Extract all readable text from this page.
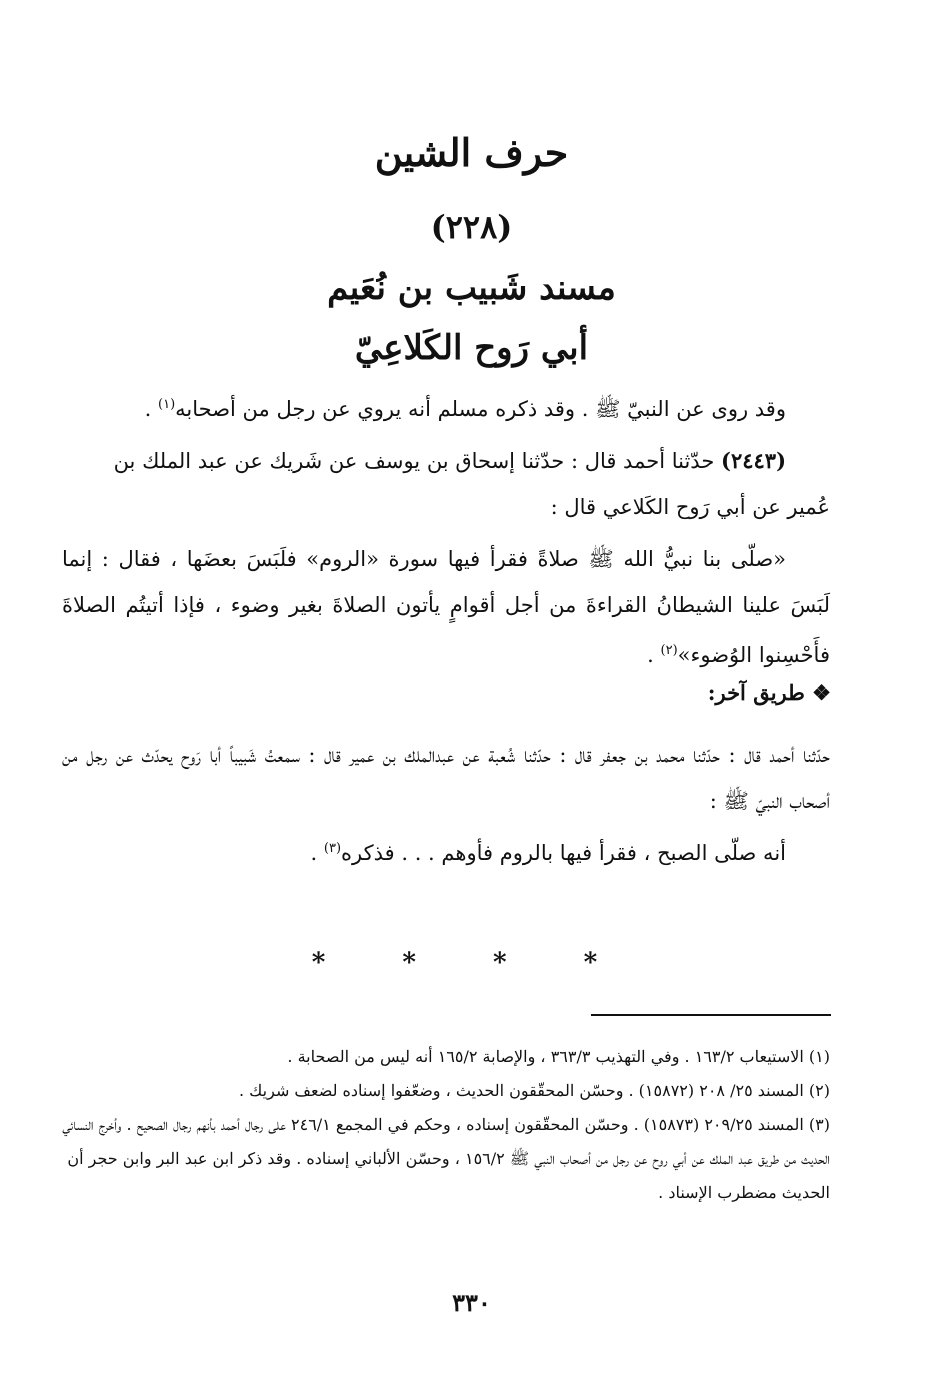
حرف الشين
(٢٢٨)
مسند شَبيب بن نُعَيم
أبي رَوح الكَلاعِيّ
وقد روى عن النبيّ ﷺ . وقد ذكره مسلم أنه يروي عن رجل من أصحابه$^{(١)}$ .
(٢٤٤٣) حدّثنا أحمد قال : حدّثنا إسحاق بن يوسف عن شَريك عن عبد الملك بن
عُمير عن أبي رَوح الكَلاعي قال :
«صلّى بنا نبيُّ الله ﷺ صلاةً فقرأ فيها سورة «الروم» فلَبَسَ بعضَها ، فقال : إنما لَبَسَ علينا الشيطانُ القراءةَ من أجل أقوامٍ يأتون الصلاةَ بغير وضوء ، فإذا أتيتُم الصلاةَ فأَحْسِنوا الوُضوء»$^{(٢)}$ .
❖ طريق آخر:
حدّثنا أحمد قال : حدّثنا محمد بن جعفر قال : حدّثنا شُعبة عن عبدالملك بن عمير قال : سمعتُ شَبيباً أبا رَوح يحدّث عن رجل من أصحاب النبيّ ﷺ :
أنه صلّى الصبح ، فقرأ فيها بالروم فأوهم . . . فذكره$^{(٣)}$ .
* * * *
(١) الاستيعاب ١٦٣/٢ . وفي التهذيب ٣٦٣/٣ ، والإصابة ١٦٥/٢ أنه ليس من الصحابة .
(٢) المسند ٢٥/ ٢٠٨ (١٥٨٧٢) . وحسّن المحقّقون الحديث ، وضعّفوا إسناده لضعف شريك .
(٣) المسند ٢٠٩/٢٥ (١٥٨٧٣) . وحسّن المحقّقون إسناده ، وحكم في المجمع ٢٤٦/١ على رجال أحمد بأنهم رجال الصحيح . وأخرج النسائي الحديث من طريق عبد الملك عن أبي روح عن رجل من أصحاب النبي ﷺ ١٥٦/٢ ، وحسّن الألباني إسناده . وقد ذكر ابن عبد البر وابن حجر أن الحديث مضطرب الإسناد .
٣٣٠
